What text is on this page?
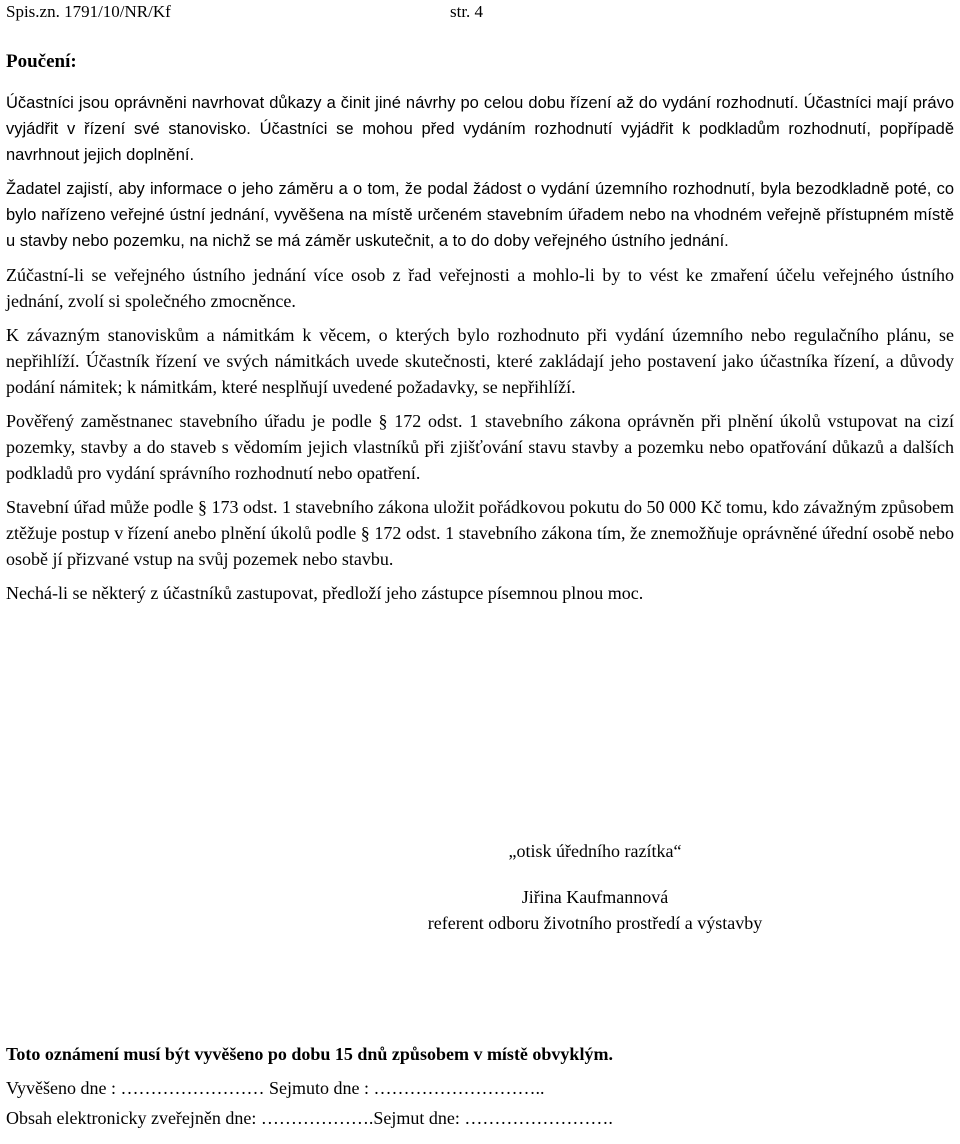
Spis.zn. 1791/10/NR/Kf	str. 4
Poučení:

Účastníci jsou oprávněni navrhovat důkazy a činit jiné návrhy po celou dobu řízení až do vydání rozhodnutí. Účastníci mají právo vyjádřit v řízení své stanovisko. Účastníci se mohou před vydáním rozhodnutí vyjádřit k podkladům rozhodnutí, popřípadě navrhnout jejich doplnění.

Žadatel zajistí, aby informace o jeho záměru a o tom, že podal žádost o vydání územního rozhodnutí, byla bezodkladně poté, co bylo nařízeno veřejné ústní jednání, vyvěšena na místě určeném stavebním úřadem nebo na vhodném veřejně přístupném místě u stavby nebo pozemku, na nichž se má záměr uskutečnit, a to do doby veřejného ústního jednání.

Zúčastní-li se veřejného ústního jednání více osob z řad veřejnosti a mohlo-li by to vést ke zmaření účelu veřejného ústního jednání, zvolí si společného zmocněnce.

K závazným stanoviskům a námitkám k věcem, o kterých bylo rozhodnuto při vydání územního nebo regulačního plánu, se nepřihlíží. Účastník řízení ve svých námitkách uvede skutečnosti, které zakládají jeho postavení jako účastníka řízení, a důvody podání námitek; k námitkám, které nesplňují uvedené požadavky, se nepřihlíží.

Pověřený zaměstnanec stavebního úřadu je podle § 172 odst. 1 stavebního zákona oprávněn při plnění úkolů vstupovat na cizí pozemky, stavby a do staveb s vědomím jejich vlastníků při zjišťování stavu stavby a pozemku nebo opatřování důkazů a dalších podkladů pro vydání správního rozhodnutí nebo opatření.

Stavební úřad může podle § 173 odst. 1 stavebního zákona uložit pořádkovou pokutu do 50 000 Kč tomu, kdo závažným způsobem ztěžuje postup v řízení anebo plnění úkolů podle § 172 odst. 1 stavebního zákona tím, že znemožňuje oprávněné úřední osobě nebo osobě jí přizvané vstup na svůj pozemek nebo stavbu.

Nechá-li se některý z účastníků zastupovat, předloží jeho zástupce písemnou plnou moc.

„otisk úředního razítka“
Jiřina Kaufmannová
referent odboru životního prostředí a výstavby
Toto oznámení musí být vyvěšeno po dobu 15 dnů způsobem v místě obvyklým.
Vyvěšeno dne : …………………… Sejmuto dne : ………………………..
Obsah elektronicky zveřejněn dne: ……………….Sejmut dne: …………………….
